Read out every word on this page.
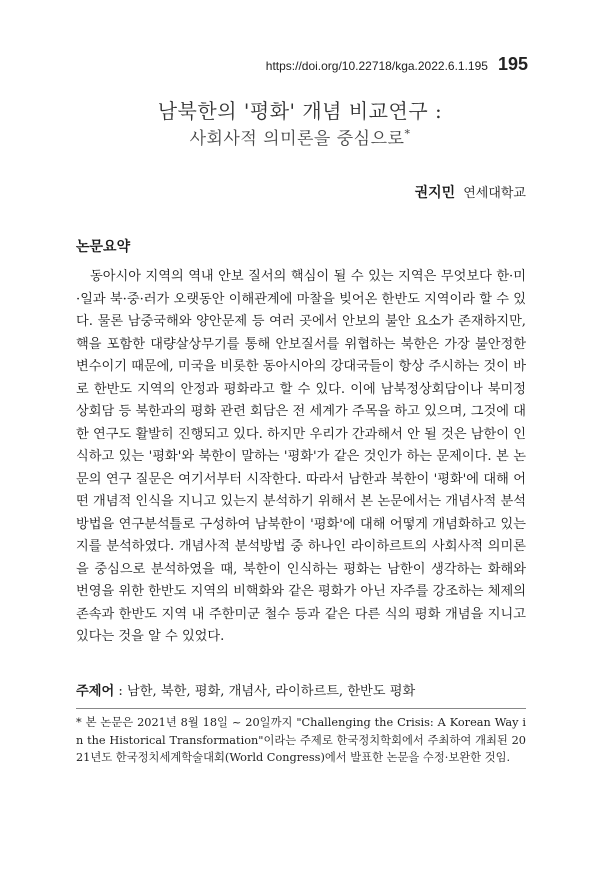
https://doi.org/10.22718/kga.2022.6.1.195 195
남북한의 '평화' 개념 비교연구 :
사회사적 의미론을 중심으로*
권지민 연세대학교
논문요약

동아시아 지역의 역내 안보 질서의 핵심이 될 수 있는 지역은 무엇보다 한·미·일과 북·중·러가 오랫동안 이해관계에 마찰을 빚어온 한반도 지역이라 할 수 있다. 물론 남중국해와 양안문제 등 여러 곳에서 안보의 불안 요소가 존재하지만, 핵을 포함한 대량살상무기를 통해 안보질서를 위협하는 북한은 가장 불안정한 변수이기 때문에, 미국을 비롯한 동아시아의 강대국들이 항상 주시하는 것이 바로 한반도 지역의 안정과 평화라고 할 수 있다. 이에 남북정상회담이나 북미정상회담 등 북한과의 평화 관련 회담은 전 세계가 주목을 하고 있으며, 그것에 대한 연구도 활발히 진행되고 있다. 하지만 우리가 간과해서 안 될 것은 남한이 인식하고 있는 '평화'와 북한이 말하는 '평화'가 같은 것인가 하는 문제이다. 본 논문의 연구 질문은 여기서부터 시작한다. 따라서 남한과 북한이 '평화'에 대해 어떤 개념적 인식을 지니고 있는지 분석하기 위해서 본 논문에서는 개념사적 분석방법을 연구분석틀로 구성하여 남북한이 '평화'에 대해 어떻게 개념화하고 있는지를 분석하였다. 개념사적 분석방법 중 하나인 라이하르트의 사회사적 의미론을 중심으로 분석하였을 때, 북한이 인식하는 평화는 남한이 생각하는 화해와 번영을 위한 한반도 지역의 비핵화와 같은 평화가 아닌 자주를 강조하는 체제의 존속과 한반도 지역 내 주한미군 철수 등과 같은 다른 식의 평화 개념을 지니고 있다는 것을 알 수 있었다.

주제어 : 남한, 북한, 평화, 개념사, 라이하르트, 한반도 평화

* 본 논문은 2021년 8월 18일 ~ 20일까지 "Challenging the Crisis: A Korean Way in the Historical Transformation"이라는 주제로 한국정치학회에서 주최하여 개최된 2021년도 한국정치세계학술대회(World Congress)에서 발표한 논문을 수정·보완한 것임.
